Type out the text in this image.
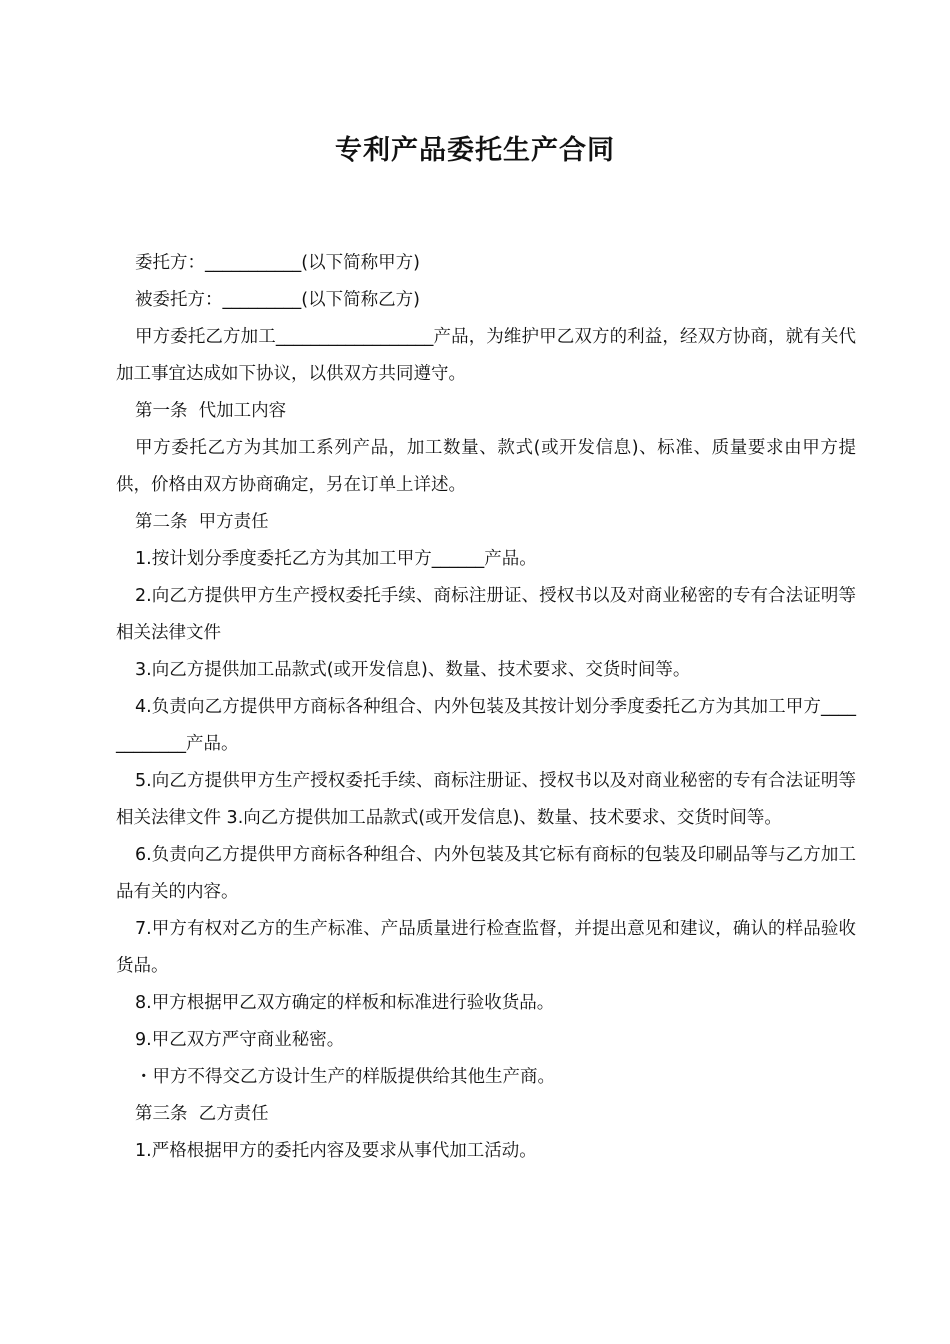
专利产品委托生产合同

委托方：___________(以下简称甲方)

被委托方：_________(以下简称乙方)

甲方委托乙方加工__________________产品，为维护甲乙双方的利益，经双方协商，就有关代加工事宜达成如下协议，以供双方共同遵守。

第一条  代加工内容

甲方委托乙方为其加工系列产品，加工数量、款式(或开发信息)、标准、质量要求由甲方提供，价格由双方协商确定，另在订单上详述。

第二条  甲方责任

1.按计划分季度委托乙方为其加工甲方______产品。

2.向乙方提供甲方生产授权委托手续、商标注册证、授权书以及对商业秘密的专有合法证明等相关法律文件

3.向乙方提供加工品款式(或开发信息)、数量、技术要求、交货时间等。

4.负责向乙方提供甲方商标各种组合、内外包装及其按计划分季度委托乙方为其加工甲方____________产品。

5.向乙方提供甲方生产授权委托手续、商标注册证、授权书以及对商业秘密的专有合法证明等相关法律文件 3.向乙方提供加工品款式(或开发信息)、数量、技术要求、交货时间等。

6.负责向乙方提供甲方商标各种组合、内外包装及其它标有商标的包装及印刷品等与乙方加工品有关的内容。

7.甲方有权对乙方的生产标准、产品质量进行检查监督，并提出意见和建议，确认的样品验收货品。

8.甲方根据甲乙双方确定的样板和标准进行验收货品。

9.甲乙双方严守商业秘密。

・甲方不得交乙方设计生产的样版提供给其他生产商。

第三条  乙方责任

1.严格根据甲方的委托内容及要求从事代加工活动。
